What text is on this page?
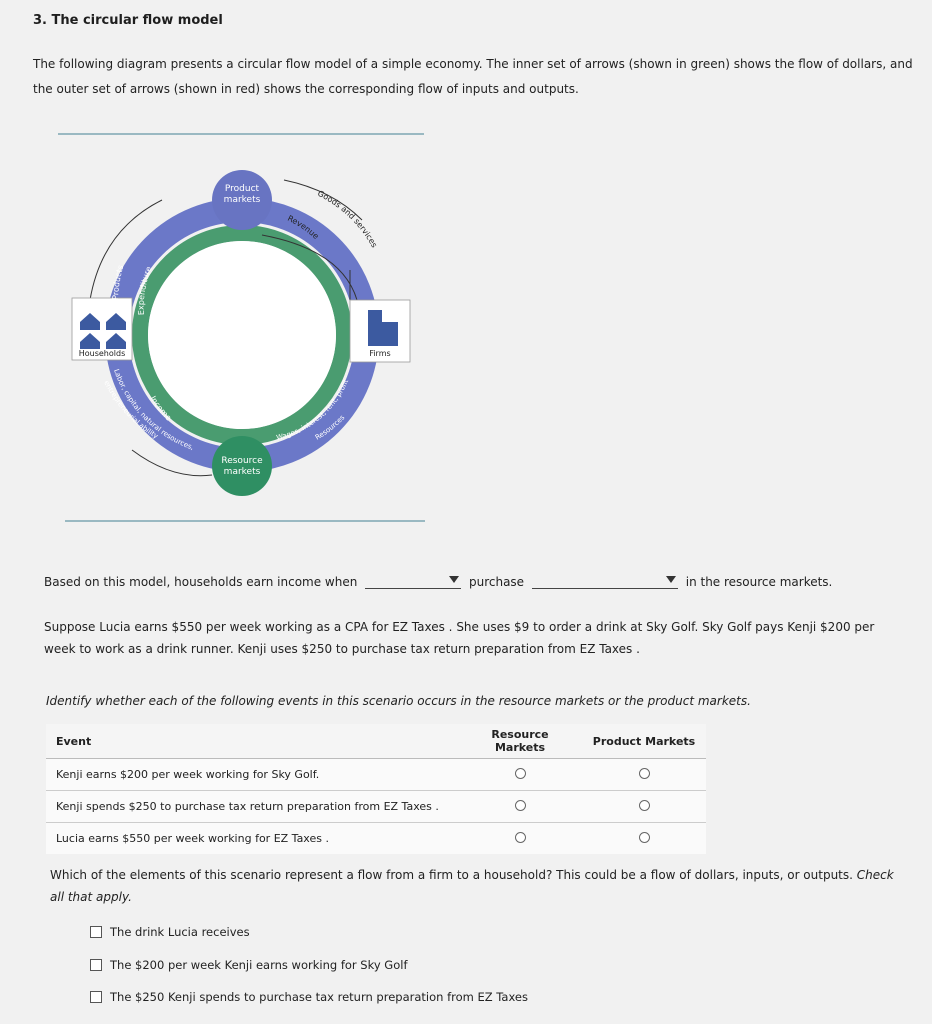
3. The circular flow model
The following diagram presents a circular flow model of a simple economy. The inner set of arrows (shown in green) shows the flow of dollars, and the outer set of arrows (shown in red) shows the corresponding flow of inputs and outputs.
Product
markets
Resource
markets
Households	Firms
Products
Expenditure
Goods and services
Revenue
Income
Labor, capital, natural resources,
entrepreneurial ability	Wages, interest, rent, profit
Resources
Based on this model, households earn income when	purchase	in the resource markets.
Suppose Lucia earns $550 per week working as a CPA for EZ Taxes . She uses $9 to order a drink at Sky Golf. Sky Golf pays Kenji $200 per week to work as a drink runner. Kenji uses $250 to purchase tax return preparation from EZ Taxes .
Identify whether each of the following events in this scenario occurs in the resource markets or the product markets.
Event	Resource Markets	Product Markets
Kenji earns $200 per week working for Sky Golf.		
Kenji spends $250 to purchase tax return preparation from EZ Taxes .		
Lucia earns $550 per week working for EZ Taxes .		
Which of the elements of this scenario represent a flow from a firm to a household? This could be a flow of dollars, inputs, or outputs. Check all that apply.
The drink Lucia receives
The $200 per week Kenji earns working for Sky Golf
The $250 Kenji spends to purchase tax return preparation from EZ Taxes
